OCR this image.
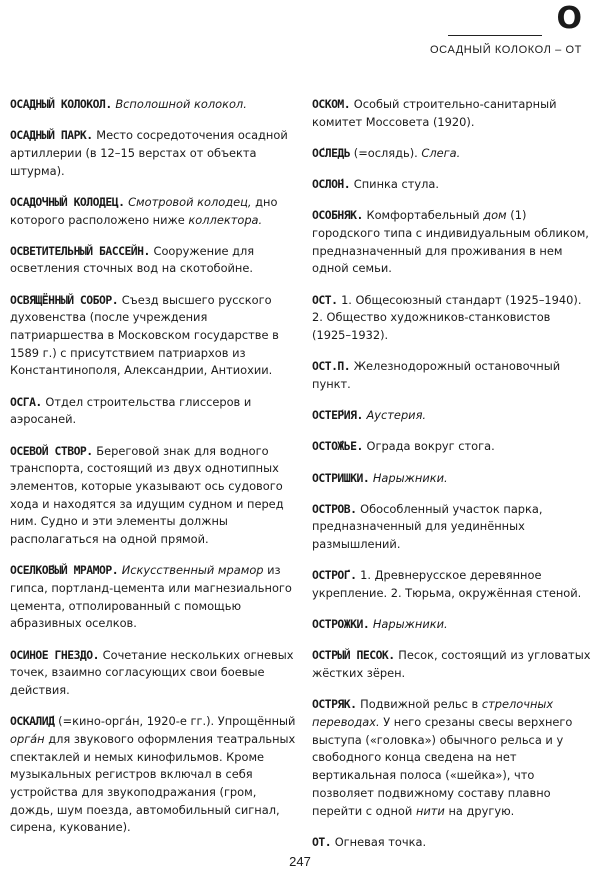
О
ОСАДНЫЙ КОЛОКОЛ – ОТ

ОСАДНЫЙ КОЛОКОЛ. Всполошной колокол.

ОСАДНЫЙ ПАРК. Место сосредоточения осадной артиллерии (в 12–15 верстах от объекта штурма).

ОСАДОЧНЫЙ КОЛОДЕЦ. Смотровой колодец, дно которого расположено ниже коллектора.

ОСВЕТИТЕЛЬНЫЙ БАССЕЙН. Сооружение для осветления сточных вод на скотобойне.

ОСВЯЩЁННЫЙ СОБОР. Съезд высшего русского духовенства (после учреждения патриаршества в Московском государстве в 1589 г.) с присутствием патриархов из Константинополя, Александрии, Антиохии.

ОСГА. Отдел строительства глиссеров и аэросаней.

ОСЕВОЙ СТВОР. Береговой знак для водного транспорта, состоящий из двух однотипных элементов, которые указывают ось судового хода и находятся за идущим судном и перед ним. Судно и эти элементы должны располагаться на одной прямой.

ОСЕЛКО́ВЫЙ МРАМОР. Искусственный мрамор из гипса, портланд-цемента или магнезиального цемента, отполированный с помощью абразивных оселков.

ОСИНОЕ ГНЕЗДО. Сочетание нескольких огневых точек, взаимно согласующих свои боевые действия.

ОСКАЛИ́Д (=кино-орга́н, 1920-е гг.). Упрощённый орга́н для звукового оформления театральных спектаклей и немых кинофильмов. Кроме музыкальных регистров включал в себя устройства для звукоподражания (гром, дождь, шум поезда, автомобильный сигнал, сирена, кукование).

ОСКОМ. Особый строительно-санитарный комитет Моссовета (1920).

О́СЛЕДЬ (=ослядь). Слега.

ОСЛО́Н. Спинка стула.

ОСОБНЯК. Комфортабельный дом (1) городского типа с индивидуальным обликом, предназначенный для проживания в нем одной семьи.

ОСТ. 1. Общесоюзный стандарт (1925–1940). 2. Общество художников-станковистов (1925–1932).

ОСТ.П. Железнодорожный остановочный пункт.

ОСТЕ́РИЯ. Аустерия.

ОСТО́ЖЬЕ. Ограда вокруг стога.

ОСТРИШКИ. Нарыжники.

ОСТРОВ. Обособленный участок парка, предназначенный для уединённых размышлений.

ОСТРО́Г. 1. Древнерусское деревянное укрепление. 2. Тюрьма, окружённая стеной.

ОСТРОЖКИ. Нарыжники.

ОСТРЫЙ ПЕСОК. Песок, состоящий из угловатых жёстких зёрен.

ОСТРЯК. Подвижной рельс в стрелочных переводах. У него срезаны свесы верхнего выступа («головка») обычного рельса и у свободного конца сведена на нет вертикальная полоса («шейка»), что позволяет подвижному составу плавно перейти с одной нити на другую.

ОТ. Огневая точка.

247
